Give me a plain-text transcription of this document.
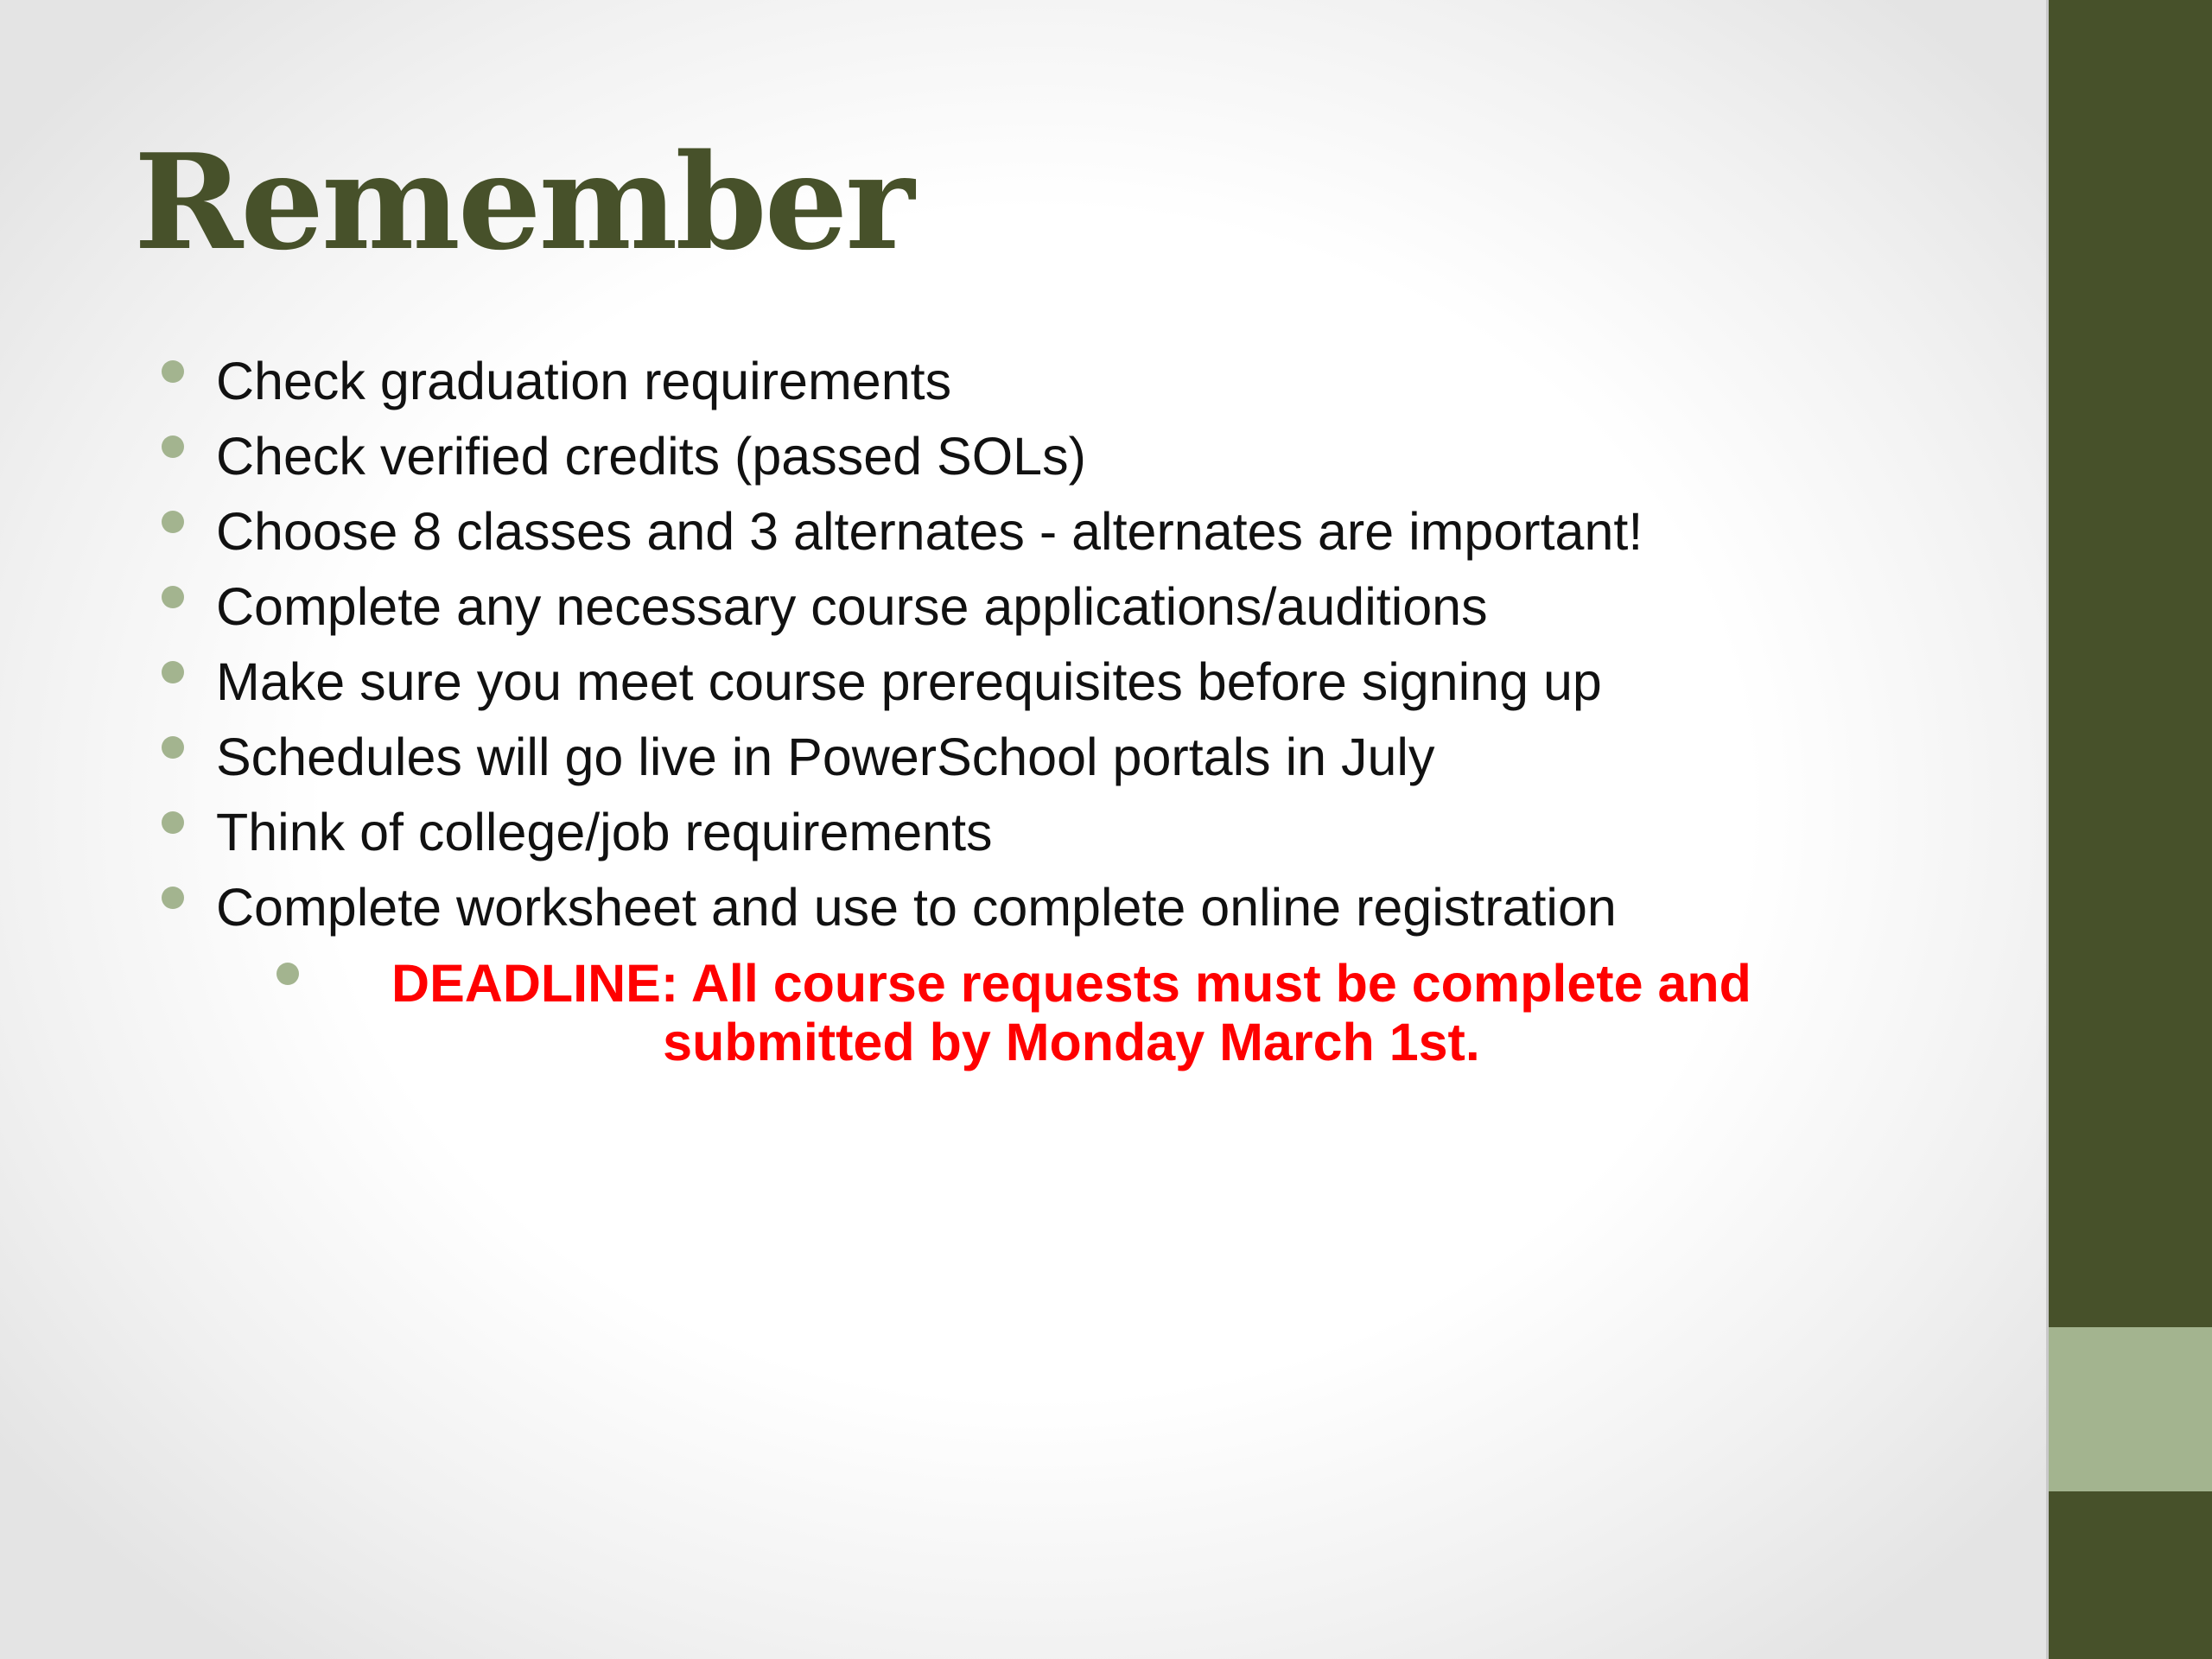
Remember
Check graduation requirements
Check verified credits (passed SOLs)
Choose 8 classes and 3 alternates - alternates are important!
Complete any necessary course applications/auditions
Make sure you meet course prerequisites before signing up
Schedules will go live in PowerSchool portals in July
Think of college/job requirements
Complete worksheet and use to complete online registration
DEADLINE: All course requests must be complete and
submitted by Monday March 1st.
